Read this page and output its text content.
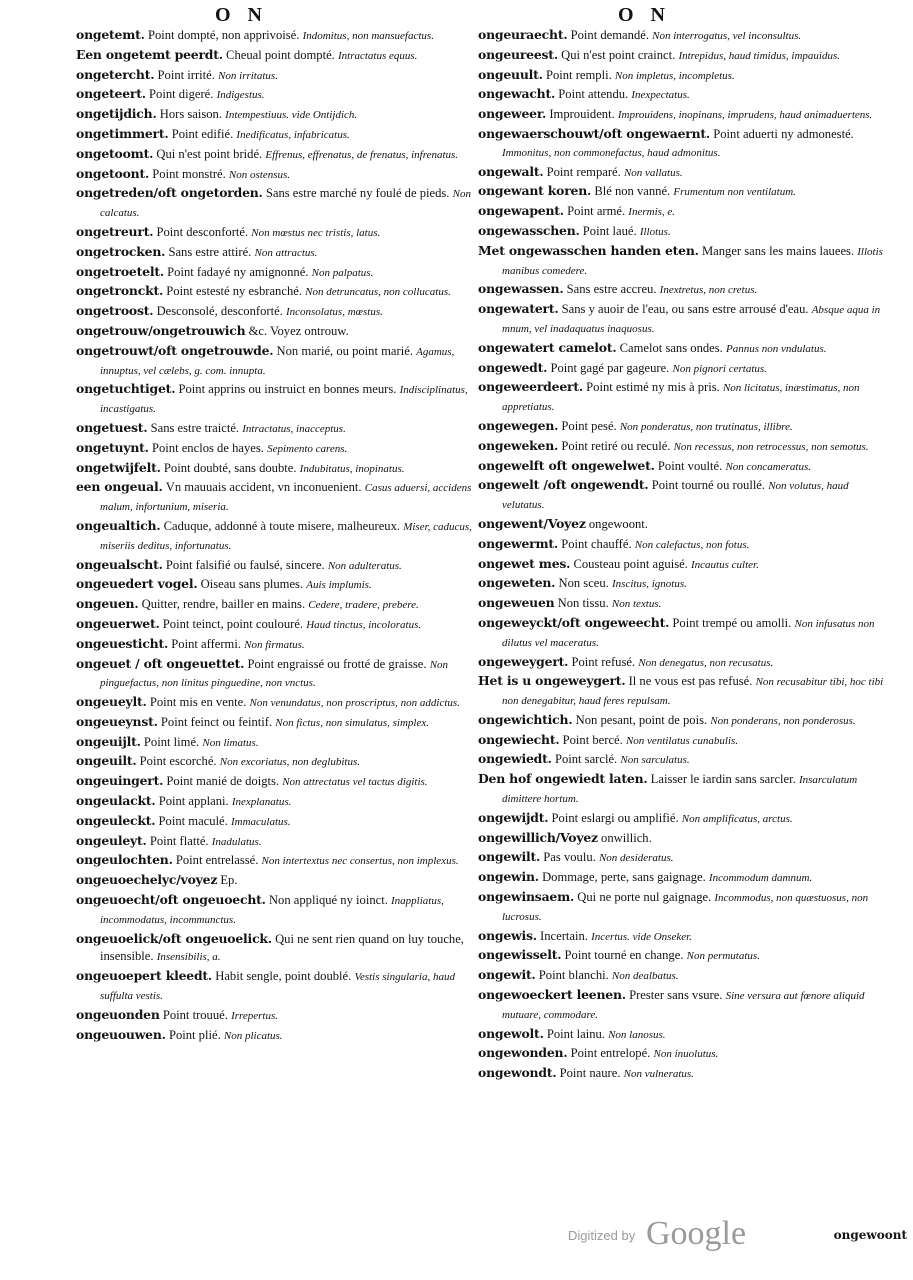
O N	O N

ongetemt. Point dompté, non apprivoisé. Indomitus, non mansuefactus.

Een ongetemt peerdt. Cheual point dompté. Intractatus equus.

ongetercht. Point irrité. Non irritatus.

ongeteert. Point digeré. Indigestus.

ongetijdich. Hors saison. Intempestiuus. vide Ontijdich.

ongetimmert. Point edifié. Inedificatus, infabricatus.

ongetoomt. Qui n'est point bridé. Effrenus, effrenatus, de frenatus, infrenatus.

ongetoont. Point monstré. Non ostensus.

ongetreden/oft ongetorden. Sans estre marché ny foulé de pieds. Non calcatus.

ongetreurt. Point desconforté. Non mœstus nec tristis, latus.

ongetrocken. Sans estre attiré. Non attractus.

ongetroetelt. Point fadayé ny amignonné. Non palpatus.

ongetronckt. Point estesté ny esbranché. Non detruncatus, non collucatus.

ongetroost. Desconsolé, desconforté. Inconsolatus, mœstus.

ongetrouw/ongetrouwich &c. Voyez ontrouw.

ongetrouwt/oft ongetrouwde. Non marié, ou point marié. Agamus, innuptus, vel cælebs, g. com. innupta.

ongetuchtiget. Point apprins ou instruict en bonnes meurs. Indisciplinatus, incastigatus.

ongetuest. Sans estre traicté. Intractatus, inacceptus.

ongetuynt. Point enclos de hayes. Sepimento carens.

ongetwijfelt. Point doubté, sans doubte. Indubitatus, inopinatus.

een ongeual. Vn mauuais accident, vn inconuenient. Casus aduersi, accidens malum, infortunium, miseria.

ongeualtich. Caduque, addonné à toute misere, malheureux. Miser, caducus, miseriis deditus, infortunatus.

ongeualscht. Point falsifié ou faulsé, sincere. Non adulteratus.

ongeuedert vogel. Oiseau sans plumes. Auis implumis.

ongeuen. Quitter, rendre, bailler en mains. Cedere, tradere, prebere.

ongeuerwet. Point teinct, point coulouré. Haud tinctus, incoloratus.

ongeuesticht. Point affermi. Non firmatus.

ongeuet / oft ongeuettet. Point engraissé ou frotté de graisse. Non pinguefactus, non linitus pinguedine, non vnctus.

ongeueylt. Point mis en vente. Non venundatus, non proscriptus, non addictus.

ongeueynst. Point feinct ou feintif. Non fictus, non simulatus, simplex.

ongeuijlt. Point limé. Non limatus.

ongeuilt. Point escorché. Non excoriatus, non deglubitus.

ongeuingert. Point manié de doigts. Non attrectatus vel tactus digitis.

ongeulackt. Point applani. Inexplanatus.

ongeuleckt. Point maculé. Immaculatus.

ongeuleyt. Point flatté. Inadulatus.

ongeulochten. Point entrelassé. Non intertextus nec consertus, non implexus.

ongeuoechelyc/voyez Ep.

ongeuoecht/oft ongeuoecht. Non appliqué ny ioinct. Inappliatus, incommodatus, incommunctus.

ongeuoelick/oft ongeuoelick. Qui ne sent rien quand on luy touche, insensible. Insensibilis, a.

ongeuoepert kleedt. Habit sengle, point doublé. Vestis singularia, haud suffulta vestis.

ongeuonden Point trouué. Irrepertus.

ongeuouwen. Point plié. Non plicatus.

ongeuraecht. Point demandé. Non interrogatus, vel inconsultus.

ongeureest. Qui n'est point crainct. Intrepidus, haud timidus, impauidus.

ongeuult. Point rempli. Non impletus, incompletus.

ongewacht. Point attendu. Inexpectatus.

ongeweer. Improuident. Improuidens, inopinans, imprudens, haud animaduertens.

ongewaerschouwt/oft ongewaernt. Point aduerti ny admonesté. Immonitus, non commonefactus, haud admonitus.

ongewalt. Point remparé. Non vallatus.

ongewant koren. Blé non vanné. Frumentum non ventilatum.

ongewapent. Point armé. Inermis, e.

ongewasschen. Point laué. Illotus.

Met ongewasschen handen eten. Manger sans les mains lauees. Illotis manibus comedere.

ongewassen. Sans estre accreu. Inextretus, non cretus.

ongewatert. Sans y auoir de l'eau, ou sans estre arrousé d'eau. Absque aqua in mnum, vel inadaquatus inaquosus.

ongewatert camelot. Camelot sans ondes. Pannus non vndulatus.

ongewedt. Point gagé par gageure. Non pignori certatus.

ongeweerdeert. Point estimé ny mis à pris. Non licitatus, inæstimatus, non appretiatus.

ongewegen. Point pesé. Non ponderatus, non trutinatus, illibre.

ongeweken. Point retiré ou reculé. Non recessus, non retrocessus, non semotus.

ongewelft oft ongewelwet. Point voulté. Non concameratus.

ongewelt /oft ongewendt. Point tourné ou roullé. Non volutus, haud velutatus.

ongewent/Voyez ongewoont.

ongewermt. Point chauffé. Non calefactus, non fotus.

ongewet mes. Cousteau point aguisé. Incautus culter.

ongeweten. Non sceu. Inscitus, ignotus.

ongeweuen Non tissu. Non textus.

ongeweyckt/oft ongeweecht. Point trempé ou amolli. Non infusatus non dilutus vel maceratus.

ongeweygert. Point refusé. Non denegatus, non recusatus.

Het is u ongeweygert. Il ne vous est pas refusé. Non recusabitur tibi, hoc tibi non denegabitur, haud feres repulsam.

ongewichtich. Non pesant, point de pois. Non ponderans, non ponderosus.

ongewiecht. Point bercé. Non ventilatus cunabulis.

ongewiedt. Point sarclé. Non sarculatus.

Den hof ongewiedt laten. Laisser le iardin sans sarcler. Insarculatum dimittere hortum.

ongewijdt. Point eslargi ou amplifié. Non amplificatus, arctus.

ongewillich/Voyez onwillich.

ongewilt. Pas voulu. Non desideratus.

ongewin. Dommage, perte, sans gaignage. Incommodum damnum.

ongewinsaem. Qui ne porte nul gaignage. Incommodus, non quæstuosus, non lucrosus.

ongewis. Incertain. Incertus. vide Onseker.

ongewisselt. Point tourné en change. Non permutatus.

ongewit. Point blanchi. Non dealbatus.

ongewoeckert leenen. Prester sans vsure. Sine versura aut fœnore aliquid mutuare, commodare.

ongewolt. Point lainu. Non lanosus.

ongewonden. Point entrelopé. Non inuolutus.

ongewondt. Point naure. Non vulneratus.

Digitized by Google	ongewoont
